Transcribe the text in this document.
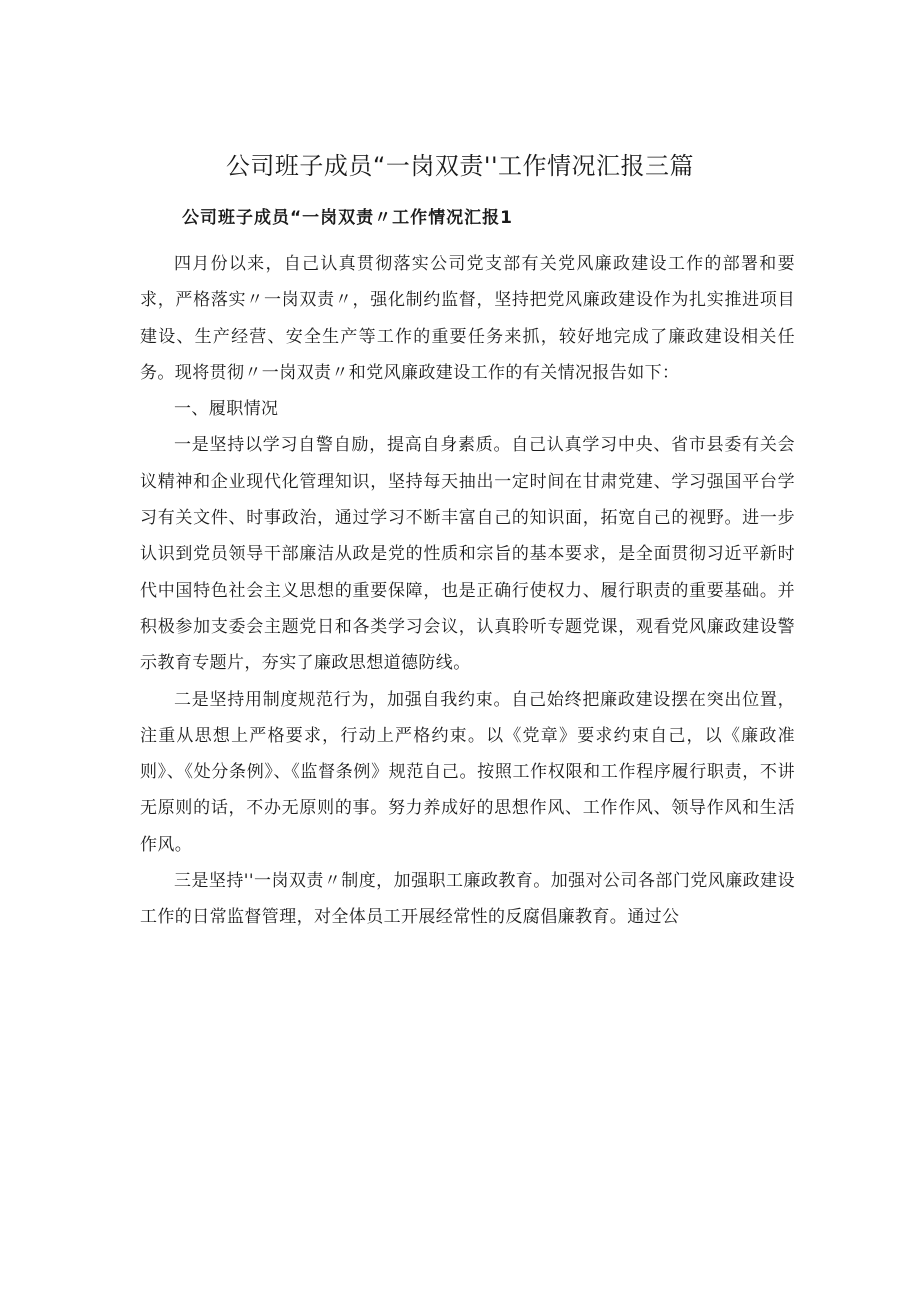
公司班子成员“一岗双责''工作情况汇报三篇
公司班子成员“一岗双责〃工作情况汇报1

四月份以来，自己认真贯彻落实公司党支部有关党风廉政建设工作的部署和要求，严格落实〃一岗双责〃，强化制约监督，坚持把党风廉政建设作为扎实推进项目建设、生产经营、安全生产等工作的重要任务来抓，较好地完成了廉政建设相关任务。现将贯彻〃一岗双责〃和党风廉政建设工作的有关情况报告如下：

一、履职情况

一是坚持以学习自警自励，提高自身素质。自己认真学习中央、省市县委有关会议精神和企业现代化管理知识，坚持每天抽出一定时间在甘肃党建、学习强国平台学习有关文件、时事政治，通过学习不断丰富自己的知识面，拓宽自己的视野。进一步认识到党员领导干部廉洁从政是党的性质和宗旨的基本要求，是全面贯彻习近平新时代中国特色社会主义思想的重要保障，也是正确行使权力、履行职责的重要基础。并积极参加支委会主题党日和各类学习会议，认真聆听专题党课，观看党风廉政建设警示教育专题片，夯实了廉政思想道德防线。

二是坚持用制度规范行为，加强自我约束。自己始终把廉政建设摆在突出位置，注重从思想上严格要求，行动上严格约束。以《党章》要求约束自己，以《廉政准则》、《处分条例》、《监督条例》规范自己。按照工作权限和工作程序履行职责，不讲无原则的话，不办无原则的事。努力养成好的思想作风、工作作风、领导作风和生活作风。

三是坚持''一岗双责〃制度，加强职工廉政教育。加强对公司各部门党风廉政建设工作的日常监督管理，对全体员工开展经常性的反腐倡廉教育。通过公
